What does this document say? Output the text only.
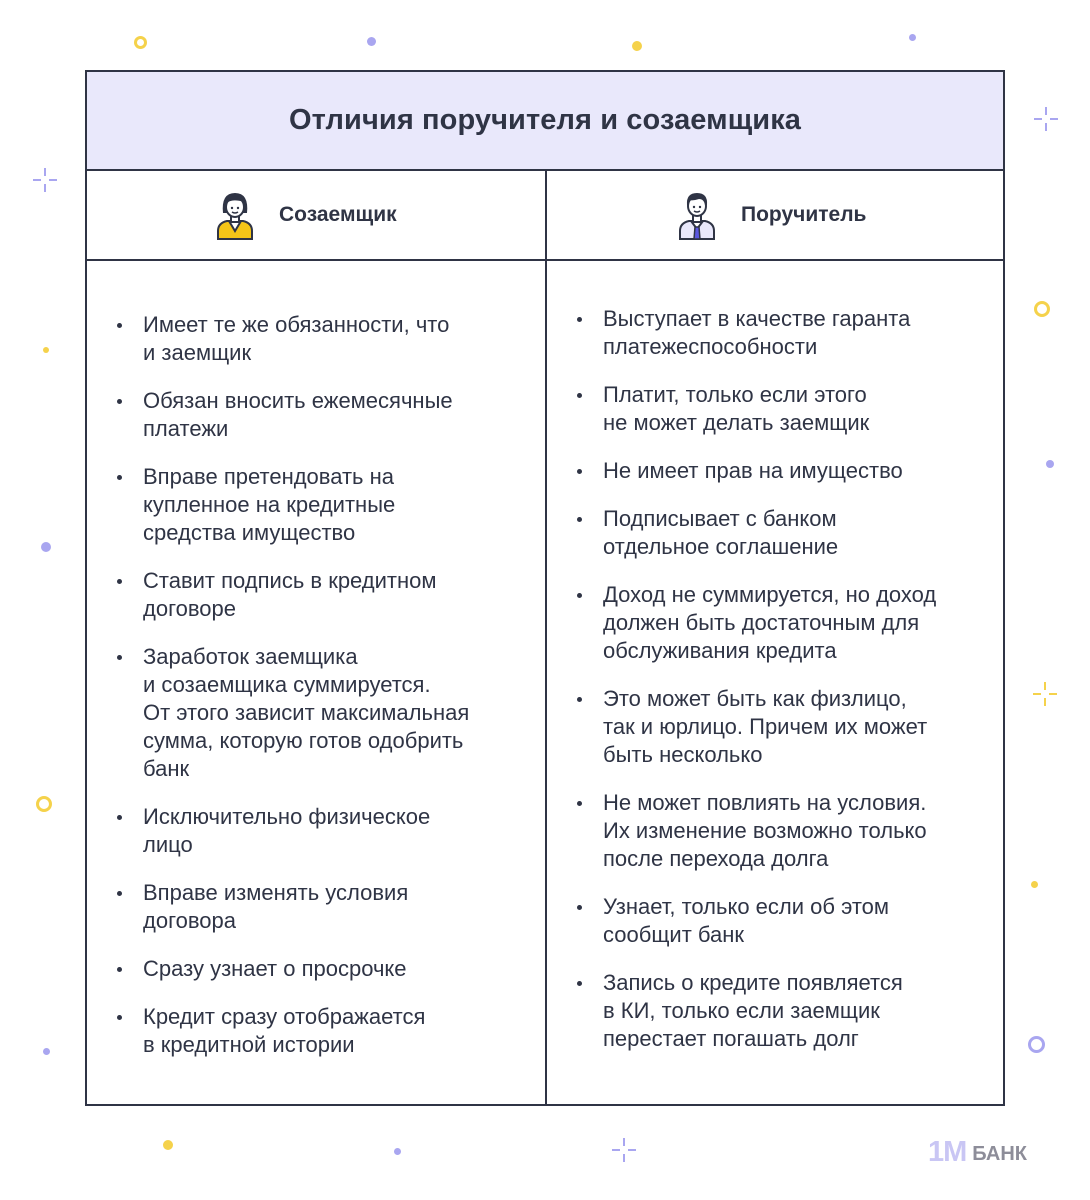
Отличия поручителя и созаемщика
Созаемщик	Поручитель
Имеет те же обязанности, что
и заемщик
Обязан вносить ежемесячные
платежи
Вправе претендовать на
купленное на кредитные
средства имущество
Ставит подпись в кредитном
договоре
Заработок заемщика
и созаемщика суммируется.
От этого зависит максимальная
сумма, которую готов одобрить
банк
Исключительно физическое
лицо
Вправе изменять условия
договора
Сразу узнает о просрочке
Кредит сразу отображается
в кредитной истории
Выступает в качестве гаранта
платежеспособности
Платит, только если этого
не может делать заемщик
Не имеет прав на имущество
Подписывает с банком
отдельное соглашение
Доход не суммируется, но доход
должен быть достаточным для
обслуживания кредита
Это может быть как физлицо,
так и юрлицо. Причем их может
быть несколько
Не может повлиять на условия.
Их изменение возможно только
после перехода долга
Узнает, только если об этом
сообщит банк
Запись о кредите появляется
в КИ, только если заемщик
перестает погашать долг
1M БАНК
